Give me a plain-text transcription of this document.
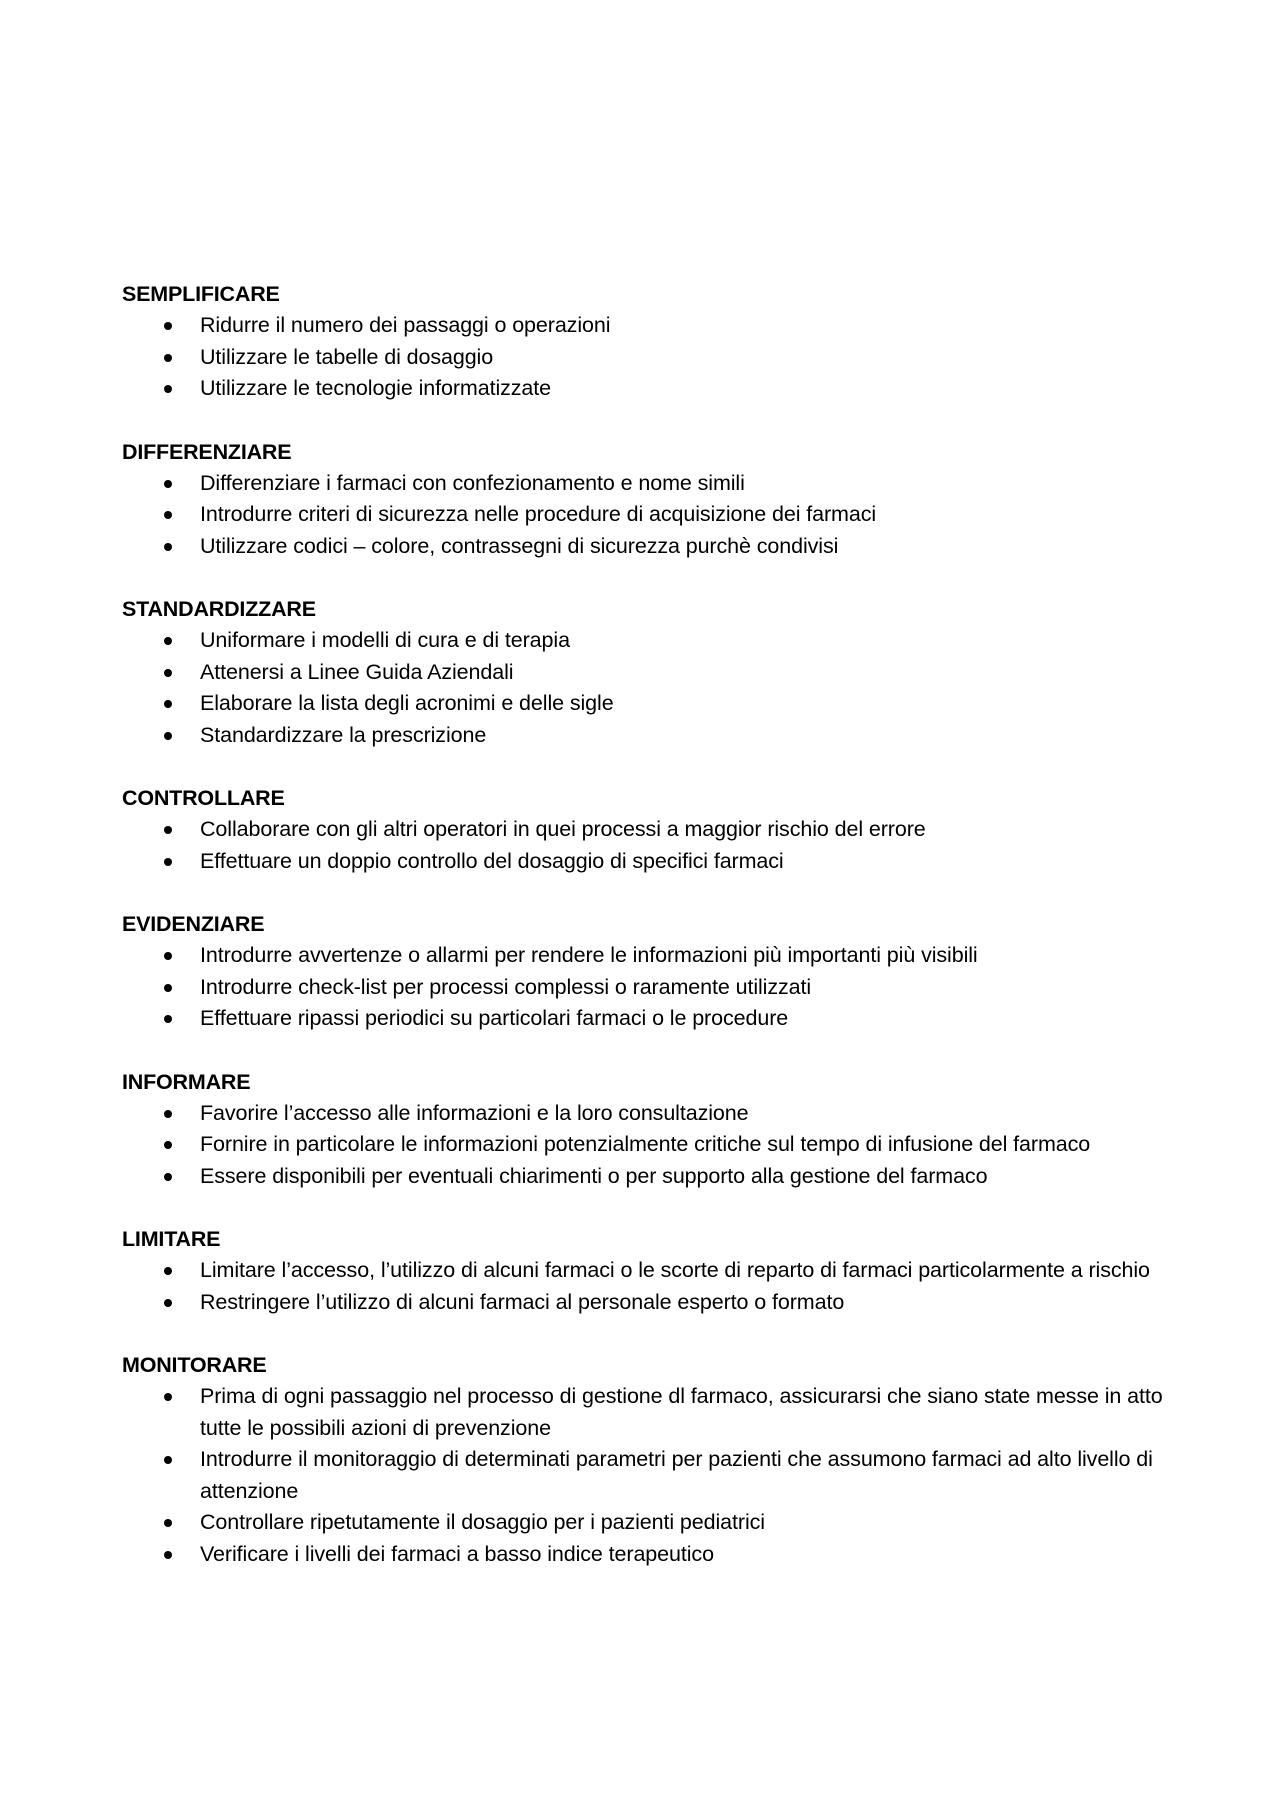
SEMPLIFICARE
Ridurre il numero dei passaggi o operazioni
Utilizzare le tabelle di dosaggio
Utilizzare le tecnologie informatizzate
DIFFERENZIARE
Differenziare i farmaci con confezionamento e nome simili
Introdurre criteri di sicurezza nelle procedure di acquisizione dei farmaci
Utilizzare codici – colore, contrassegni di sicurezza purchè condivisi
STANDARDIZZARE
Uniformare i modelli di cura e di terapia
Attenersi a Linee Guida Aziendali
Elaborare la lista degli acronimi e delle sigle
Standardizzare la prescrizione
CONTROLLARE
Collaborare con gli altri operatori in quei processi a maggior rischio del errore
Effettuare un doppio controllo del dosaggio di specifici farmaci
EVIDENZIARE
Introdurre avvertenze o allarmi per rendere le informazioni più importanti più visibili
Introdurre check-list per processi complessi o raramente utilizzati
Effettuare ripassi periodici su particolari farmaci o le procedure
INFORMARE
Favorire l’accesso alle informazioni e la loro consultazione
Fornire in particolare le informazioni potenzialmente critiche sul tempo di infusione del farmaco
Essere disponibili per eventuali chiarimenti o per supporto alla gestione del farmaco
LIMITARE
Limitare l’accesso, l’utilizzo di alcuni farmaci o le scorte di reparto di farmaci particolarmente a rischio
Restringere l’utilizzo di alcuni farmaci al personale esperto o formato
MONITORARE
Prima di ogni passaggio nel processo di gestione dl farmaco, assicurarsi che siano state messe in atto tutte le possibili azioni di prevenzione
Introdurre il monitoraggio di determinati parametri per pazienti che assumono farmaci ad alto livello di attenzione
Controllare ripetutamente il dosaggio per i pazienti pediatrici
Verificare i livelli dei farmaci a basso indice terapeutico
